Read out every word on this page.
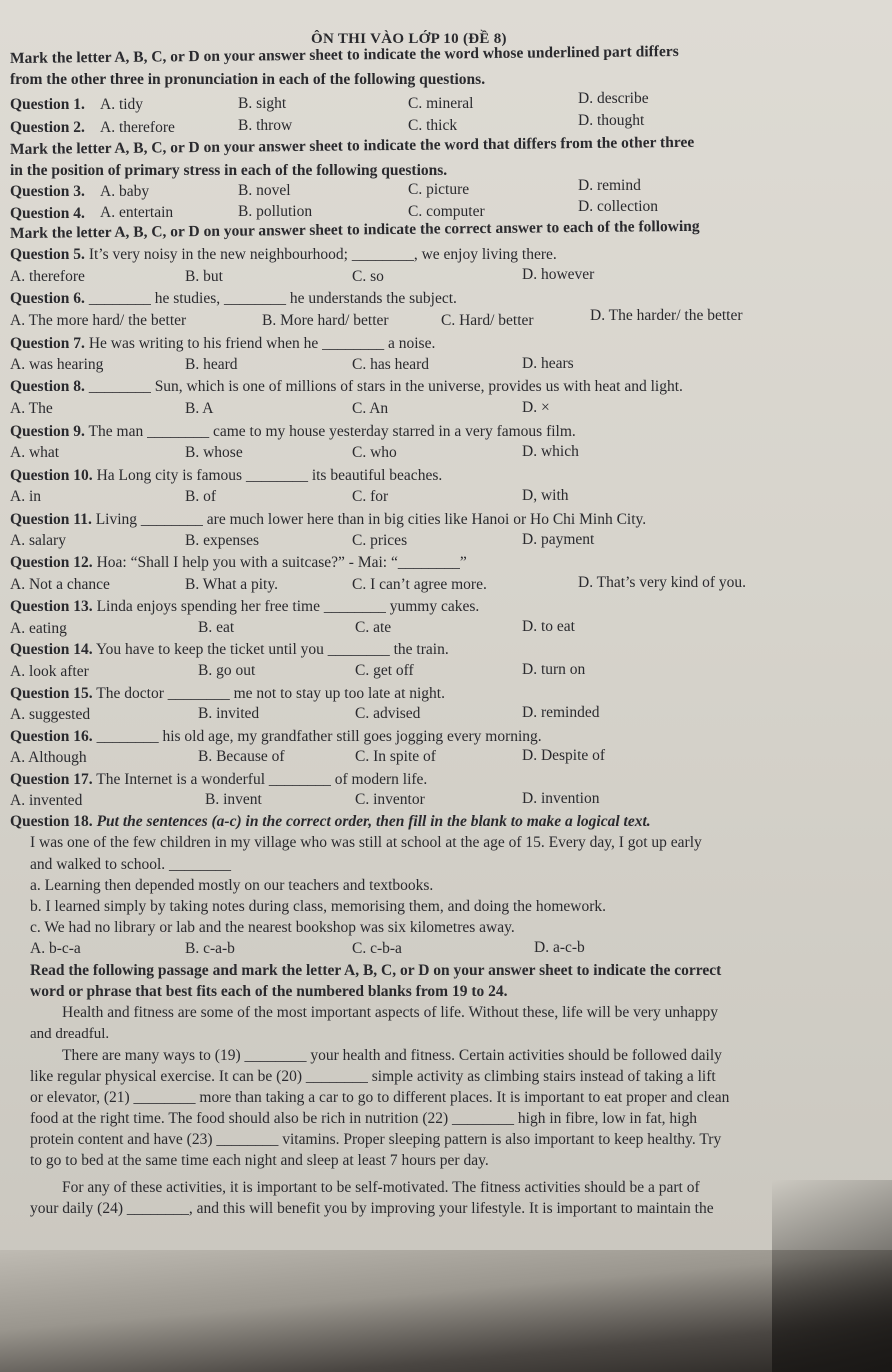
ÔN THI VÀO LỚP 10 (ĐỀ 8)
Mark the letter A, B, C, or D on your answer sheet to indicate the word whose underlined part differs
from the other three in pronunciation in each of the following questions.
Question 1. A. tidy	B. sight	C. mineral	D. describe
Question 2. A. therefore	B. throw	C. thick	D. thought
Mark the letter A, B, C, or D on your answer sheet to indicate the word that differs from the other three
in the position of primary stress in each of the following questions.
Question 3. A. baby	B. novel	C. picture	D. remind
Question 4. A. entertain	B. pollution	C. computer	D. collection
Mark the letter A, B, C, or D on your answer sheet to indicate the correct answer to each of the following
Question 5. It’s very noisy in the new neighbourhood; ________, we enjoy living there.
A. therefore	B. but	C. so	D. however
Question 6. ________ he studies, ________ he understands the subject.
A. The more hard/ the better	B. More hard/ better	C. Hard/ better	D. The harder/ the better
Question 7. He was writing to his friend when he ________ a noise.
A. was hearing	B. heard	C. has heard	D. hears
Question 8. ________ Sun, which is one of millions of stars in the universe, provides us with heat and light.
A. The	B. A	C. An	D. ×
Question 9. The man ________ came to my house yesterday starred in a very famous film.
A. what	B. whose	C. who	D. which
Question 10. Ha Long city is famous ________ its beautiful beaches.
A. in	B. of	C. for	D, with
Question 11. Living ________ are much lower here than in big cities like Hanoi or Ho Chi Minh City.
A. salary	B. expenses	C. prices	D. payment
Question 12. Hoa: “Shall I help you with a suitcase?” - Mai: “________”
A. Not a chance	B. What a pity.	C. I can’t agree more.	D. That’s very kind of you.
Question 13. Linda enjoys spending her free time ________ yummy cakes.
A. eating	B. eat	C. ate	D. to eat
Question 14. You have to keep the ticket until you ________ the train.
A. look after	B. go out	C. get off	D. turn on
Question 15. The doctor ________ me not to stay up too late at night.
A. suggested	B. invited	C. advised	D. reminded
Question 16. ________ his old age, my grandfather still goes jogging every morning.
A. Although	B. Because of	C. In spite of	D. Despite of
Question 17. The Internet is a wonderful ________ of modern life.
A. invented	B. invent	C. inventor	D. invention
Question 18. Put the sentences (a-c) in the correct order, then fill in the blank to make a logical text.
I was one of the few children in my village who was still at school at the age of 15. Every day, I got up early
and walked to school. ________
a. Learning then depended mostly on our teachers and textbooks.
b. I learned simply by taking notes during class, memorising them, and doing the homework.
c. We had no library or lab and the nearest bookshop was six kilometres away.
A. b-c-a	B. c-a-b	C. c-b-a	D. a-c-b
Read the following passage and mark the letter A, B, C, or D on your answer sheet to indicate the correct
word or phrase that best fits each of the numbered blanks from 19 to 24.
Health and fitness are some of the most important aspects of life. Without these, life will be very unhappy
and dreadful.
There are many ways to (19) ________ your health and fitness. Certain activities should be followed daily
like regular physical exercise. It can be (20) ________ simple activity as climbing stairs instead of taking a lift
or elevator, (21) ________ more than taking a car to go to different places. It is important to eat proper and clean
food at the right time. The food should also be rich in nutrition (22) ________ high in fibre, low in fat, high
protein content and have (23) ________ vitamins. Proper sleeping pattern is also important to keep healthy. Try
to go to bed at the same time each night and sleep at least 7 hours per day.
For any of these activities, it is important to be self-motivated. The fitness activities should be a part of
your daily (24) ________, and this will benefit you by improving your lifestyle. It is important to maintain the
